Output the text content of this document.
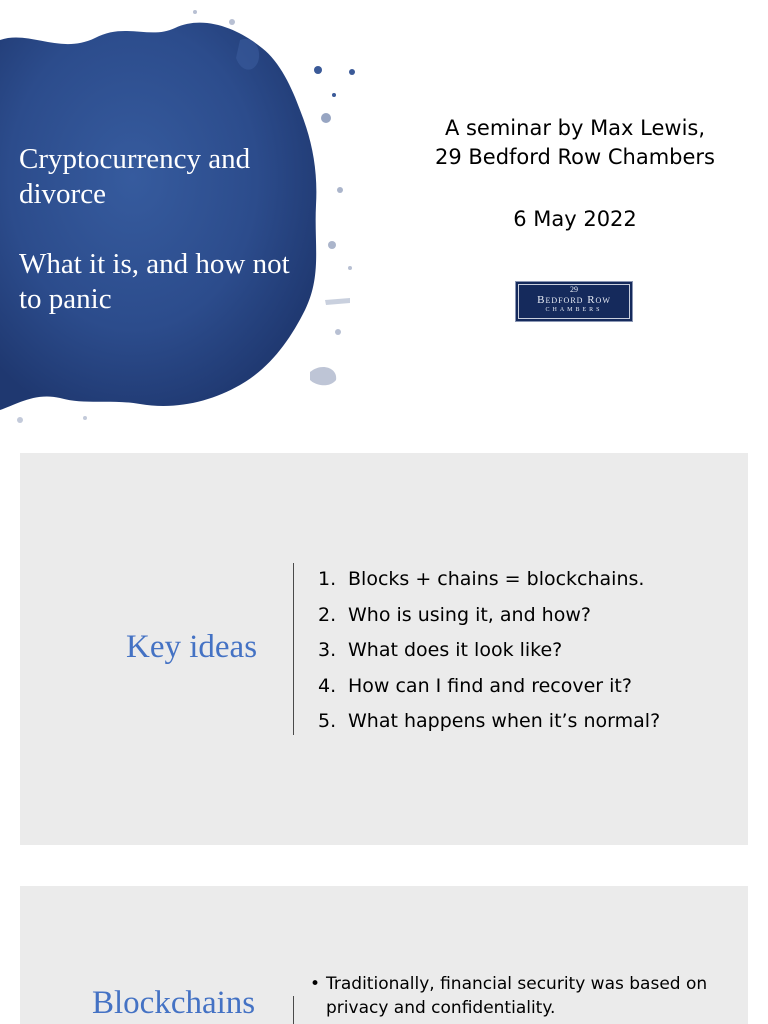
Cryptocurrency and divorce
What it is, and how not to panic
A seminar by Max Lewis,
29 Bedford Row Chambers
6 May 2022
29
Bedford Row
CHAMBERS
Key ideas
1. Blocks + chains = blockchains.
2. Who is using it, and how?
3. What does it look like?
4. How can I find and recover it?
5. What happens when it’s normal?
Blockchains
• Traditionally, financial security was based on privacy and confidentiality.
